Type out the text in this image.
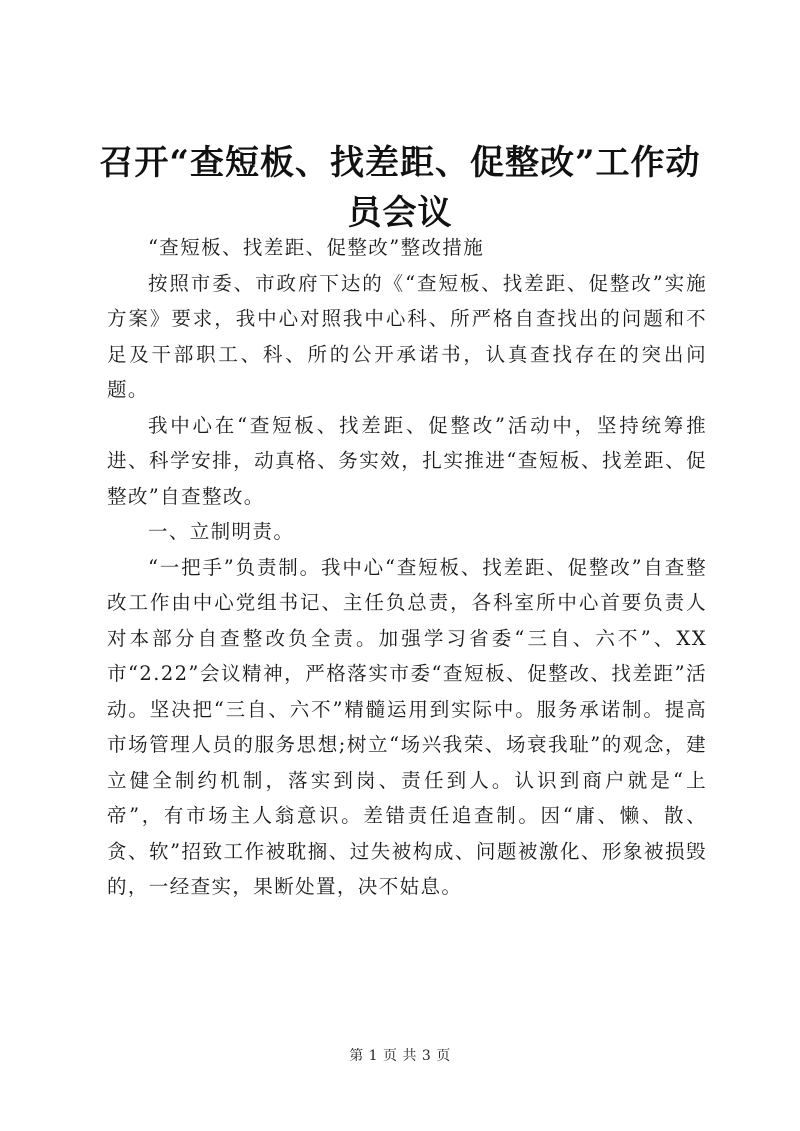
召开“查短板、找差距、促整改”工作动员会议

“查短板、找差距、促整改”整改措施

按照市委、市政府下达的《“查短板、找差距、促整改”实施方案》要求，我中心对照我中心科、所严格自查找出的问题和不足及干部职工、科、所的公开承诺书，认真查找存在的突出问题。

我中心在“查短板、找差距、促整改”活动中，坚持统筹推进、科学安排，动真格、务实效，扎实推进“查短板、找差距、促整改”自查整改。

一、立制明责。

“一把手”负责制。我中心“查短板、找差距、促整改”自查整改工作由中心党组书记、主任负总责，各科室所中心首要负责人对本部分自查整改负全责。加强学习省委“三自、六不”、XX市“2.22”会议精神，严格落实市委“查短板、促整改、找差距”活动。坚决把“三自、六不”精髓运用到实际中。服务承诺制。提高市场管理人员的服务思想;树立“场兴我荣、场衰我耻”的观念，建立健全制约机制，落实到岗、责任到人。认识到商户就是“上帝”，有市场主人翁意识。差错责任追查制。因“庸、懒、散、贪、软”招致工作被耽搁、过失被构成、问题被激化、形象被损毁的，一经查实，果断处置，决不姑息。

第 1 页 共 3 页
